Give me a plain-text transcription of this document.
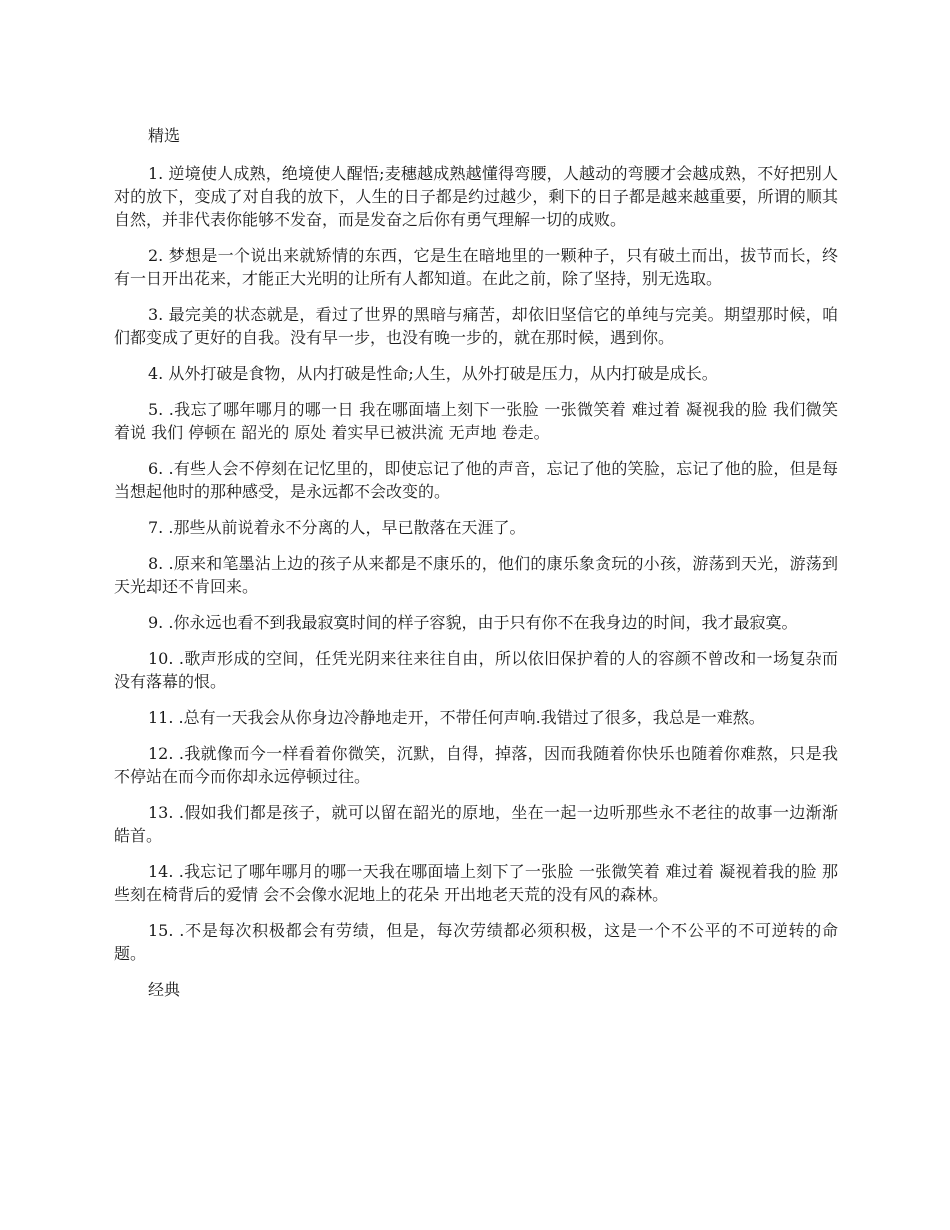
精选

1. 逆境使人成熟，绝境使人醒悟;麦穗越成熟越懂得弯腰，人越动的弯腰才会越成熟，不好把别人对的放下，变成了对自我的放下，人生的日子都是约过越少，剩下的日子都是越来越重要，所谓的顺其自然，并非代表你能够不发奋，而是发奋之后你有勇气理解一切的成败。

2. 梦想是一个说出来就矫情的东西，它是生在暗地里的一颗种子，只有破土而出，拔节而长，终有一日开出花来，才能正大光明的让所有人都知道。在此之前，除了坚持，别无选取。

3. 最完美的状态就是，看过了世界的黑暗与痛苦，却依旧坚信它的单纯与完美。期望那时候，咱们都变成了更好的自我。没有早一步，也没有晚一步的，就在那时候，遇到你。

4. 从外打破是食物，从内打破是性命;人生，从外打破是压力，从内打破是成长。

5. .我忘了哪年哪月的哪一日 我在哪面墙上刻下一张脸 一张微笑着 难过着 凝视我的脸 我们微笑着说 我们 停顿在 韶光的 原处 着实早已被洪流 无声地 卷走。

6. .有些人会不停刻在记忆里的，即使忘记了他的声音，忘记了他的笑脸，忘记了他的脸，但是每当想起他时的那种感受，是永远都不会改变的。

7. .那些从前说着永不分离的人，早已散落在天涯了。

8. .原来和笔墨沾上边的孩子从来都是不康乐的，他们的康乐象贪玩的小孩，游荡到天光，游荡到天光却还不肯回来。

9. .你永远也看不到我最寂寞时间的样子容貌，由于只有你不在我身边的时间，我才最寂寞。

10. .歌声形成的空间，任凭光阴来往来往自由，所以依旧保护着的人的容颜不曾改和一场复杂而没有落幕的恨。

11. .总有一天我会从你身边冷静地走开，不带任何声响.我错过了很多，我总是一难熬。

12. .我就像而今一样看着你微笑，沉默，自得，掉落，因而我随着你快乐也随着你难熬，只是我不停站在而今而你却永远停顿过往。

13. .假如我们都是孩子，就可以留在韶光的原地，坐在一起一边听那些永不老往的故事一边渐渐皓首。

14. .我忘记了哪年哪月的哪一天我在哪面墙上刻下了一张脸 一张微笑着 难过着 凝视着我的脸 那些刻在椅背后的爱情 会不会像水泥地上的花朵 开出地老天荒的没有风的森林。

15. .不是每次积极都会有劳绩，但是，每次劳绩都必须积极，这是一个不公平的不可逆转的命题。

经典
